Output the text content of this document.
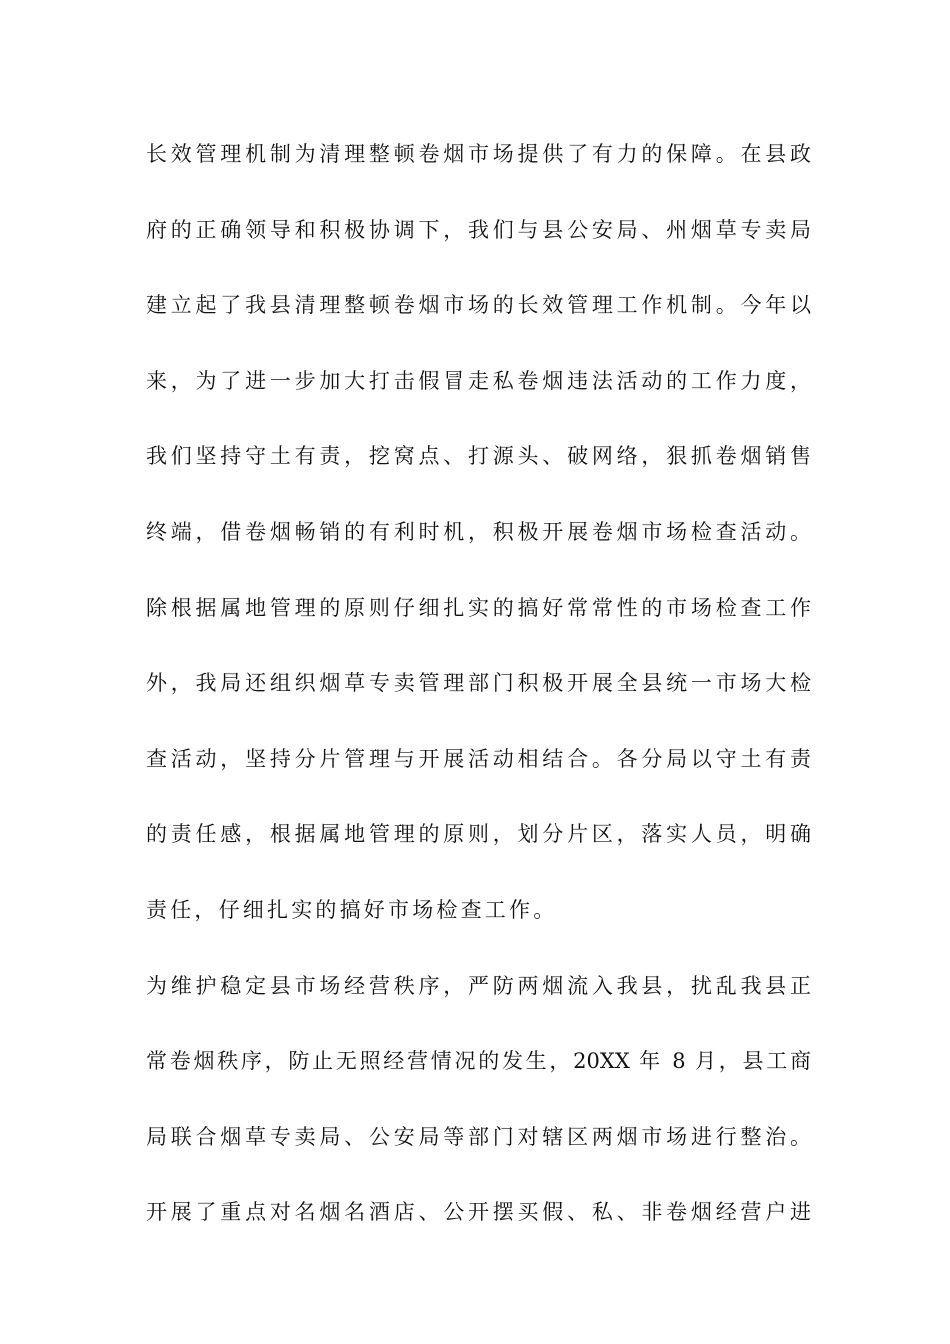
长效管理机制为清理整顿卷烟市场提供了有力的保障。在县政
府的正确领导和积极协调下，我们与县公安局、州烟草专卖局
建立起了我县清理整顿卷烟市场的长效管理工作机制。今年以
来，为了进一步加大打击假冒走私卷烟违法活动的工作力度，
我们坚持守土有责，挖窝点、打源头、破网络，狠抓卷烟销售
终端，借卷烟畅销的有利时机，积极开展卷烟市场检查活动。
除根据属地管理的原则仔细扎实的搞好常常性的市场检查工作
外，我局还组织烟草专卖管理部门积极开展全县统一市场大检
查活动，坚持分片管理与开展活动相结合。各分局以守土有责
的责任感，根据属地管理的原则，划分片区，落实人员，明确
责任，仔细扎实的搞好市场检查工作。
为维护稳定县市场经营秩序，严防两烟流入我县，扰乱我县正
常卷烟秩序，防止无照经营情况的发生，20XX 年 8 月，县工商
局联合烟草专卖局、公安局等部门对辖区两烟市场进行整治。
开展了重点对名烟名酒店、公开摆买假、私、非卷烟经营户进
